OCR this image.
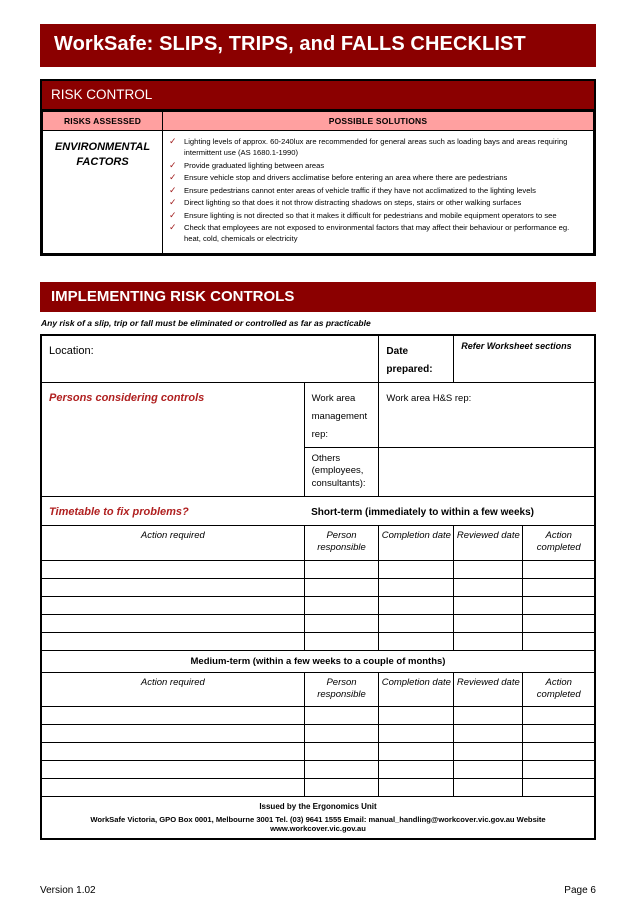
WorkSafe: SLIPS, TRIPS, and FALLS CHECKLIST
RISK CONTROL
RISKS ASSESSED	POSSIBLE SOLUTIONS
ENVIRONMENTAL FACTORS	
✓ Lighting levels of approx. 60-240lux are recommended for general areas such as loading bays and areas requiring intermittent use (AS 1680.1-1990)
✓ Provide graduated lighting between areas
✓ Ensure vehicle stop and drivers acclimatise before entering an area where there are pedestrians
✓ Ensure pedestrians cannot enter areas of vehicle traffic if they have not acclimatized to the lighting levels
✓ Direct lighting so that does it not throw distracting shadows on steps, stairs or other walking surfaces
✓ Ensure lighting is not directed so that it makes it difficult for pedestrians and mobile equipment operators to see
✓ Check that employees are not exposed to environmental factors that may affect their behaviour or performance eg. heat, cold, chemicals or electricity
IMPLEMENTING RISK CONTROLS
Any risk of a slip, trip or fall must be eliminated or controlled as far as practicable
Location:		Date prepared:	Refer Worksheet sections	
Persons considering controls	Work area management rep:	Work area H&S rep:		

	Others (employees, consultants):			

Timetable to fix problems?	Short-term (immediately to within a few weeks)			
Action required	Person responsible	Completion date	Reviewed date	Action completed

Medium-term (within a few weeks to a couple of months)				
Action required	Person responsible	Completion date	Reviewed date	Action completed

Issued by the Ergonomics Unit				

WorkSafe Victoria, GPO Box 0001, Melbourne 3001 Tel. (03) 9641 1555 Email: manual_handling@workcover.vic.gov.au Website www.workcover.vic.gov.au				
Version 1.02	Page 6
